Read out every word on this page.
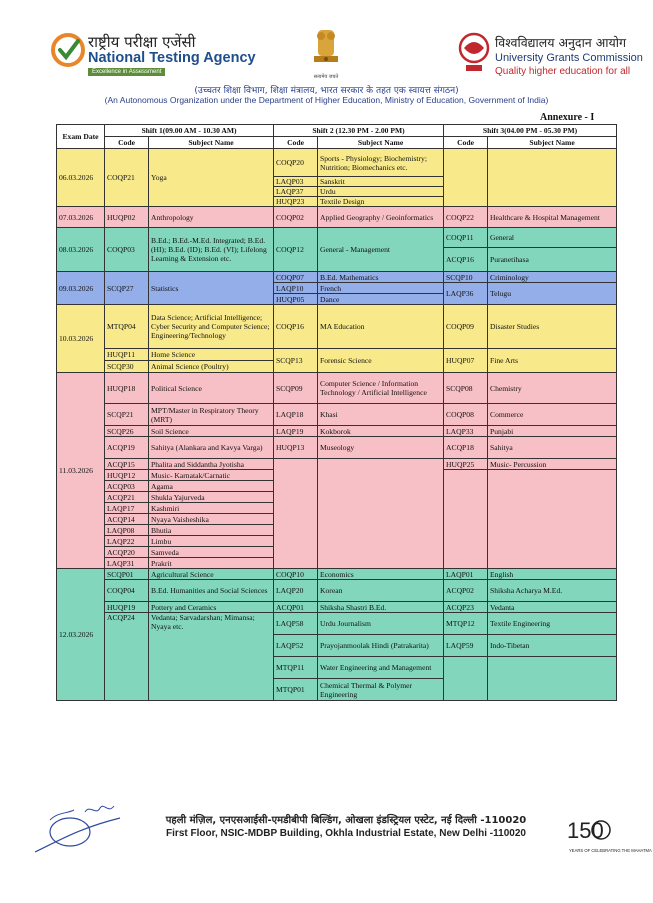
राष्ट्रीय परीक्षा एजेंसी
National Testing Agency
Excellence in Assessment
सत्यमेव जयते
विश्वविद्यालय अनुदान आयोग
University Grants Commission
Quality higher education for all
(उच्चतर शिक्षा विभाग, शिक्षा मंत्रालय, भारत सरकार के तहत एक स्वायत्त संगठन)
(An Autonomous Organization under the Department of Higher Education, Ministry of Education, Government of India)
Annexure - I
Exam Date	Shift 1(09.00 AM - 10.30 AM)		Shift 2 (12.30 PM - 2.00 PM)		Shift 3(04.00 PM - 05.30 PM)	
	Code	Subject Name	Code	Subject Name	Code	Subject Name
06.03.2026	COQP21	Yoga	COQP20	Sports - Physiology; Biochemistry; Nutrition; Biomechanics etc.		
			LAQP03	Sanskrit		
			LAQP37	Urdu		
			HUQP23	Textile Design		
07.03.2026	HUQP02	Anthropology	COQP02	Applied Geography / Geoinformatics	COQP22	Healthcare & Hospital Management
08.03.2026	COQP03	B.Ed.; B.Ed.-M.Ed. Integrated; B.Ed. (HI); B.Ed. (ID); B.Ed. (VI); Lifelong Learning & Extension etc.	COQP12	General - Management	COQP11	General
					ACQP16	Puranetihasa
09.03.2026	SCQP27	Statistics	COQP07	B.Ed. Mathematics	SCQP10	Criminology
			LAQP10	French	LAQP36	Telugu
			HUQP05	Dance		
10.03.2026	MTQP04	Data Science; Artificial Intelligence; Cyber Security and Computer Science; Engineering/Technology	COQP16	MA Education	COQP09	Disaster Studies
	HUQP11	Home Science	SCQP13	Forensic Science	HUQP07	Fine Arts
	SCQP30	Animal Science (Poultry)				
11.03.2026	HUQP18	Political Science	SCQP09	Computer Science / Information Technology / Artificial Intelligence	SCQP08	Chemistry
	SCQP21	MPT/Master in Respiratory Theory (MRT)	LAQP18	Khasi	COQP08	Commerce
	SCQP26	Soil Science	LAQP19	Kokborok	LAQP33	Punjabi
	ACQP19	Sahitya (Alankara and Kavya Varga)	HUQP13	Museology	ACQP18	Sahitya
	ACQP15	Phalita and Siddantha Jyotisha			HUQP25	Music- Percussion
	HUQP12	Music- Karnatak/Carnatic				
	ACQP03	Agama				
	ACQP21	Shukla Yajurveda				
	LAQP17	Kashmiri				
	ACQP14	Nyaya Vaisheshika				
	LAQP08	Bhutia				
	LAQP22	Limbu				
	ACQP20	Samveda				
	LAQP31	Prakrit				
12.03.2026	SCQP01	Agricultural Science	COQP10	Economics	LAQP01	English
	COQP04	B.Ed. Humanities and Social Sciences	LAQP20	Korean	ACQP02	Shiksha Acharya M.Ed.
	HUQP19	Pottery and Ceramics	ACQP01	Shiksha Shastri B.Ed.	ACQP23	Vedanta
	ACQP24	Vedanta; Sarvadarshan; Mimansa; Nyaya etc.	LAQP58	Urdu Journalism	MTQP12	Textile Engineering
			LAQP52	Prayojanmoolak Hindi (Patrakarita)	LAQP59	Indo-Tibetan
			MTQP11	Water Engineering and Management		
			MTQP01	Chemical Thermal & Polymer Engineering		
पहली मंज़िल, एनएसआईसी-एमडीबीपी बिल्डिंग, ओखला इंडस्ट्रियल एस्टेट, नई दिल्ली -110020
First Floor, NSIC-MDBP Building, Okhla Industrial Estate, New Delhi -110020	150
YEARS OF CELEBRATING THE MAHATMA
